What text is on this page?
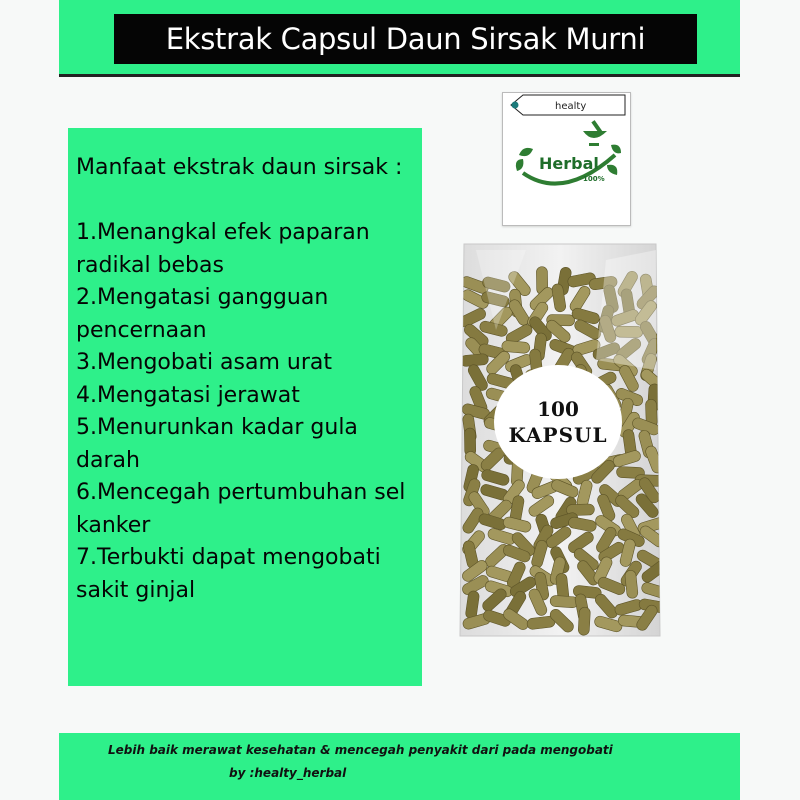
Ekstrak Capsul Daun Sirsak Murni
Manfaat ekstrak daun sirsak :
1.Menangkal efek paparan radikal bebas
2.Mengatasi gangguan pencernaan
3.Mengobati asam urat
4.Mengatasi jerawat
5.Menurunkan kadar gula darah
6.Mencegah pertumbuhan sel kanker
7.Terbukti dapat mengobati sakit ginjal
healty
Herbal
100%
100
KAPSUL
Lebih baik merawat kesehatan & mencegah penyakit dari pada mengobati
by :healty_herbal
